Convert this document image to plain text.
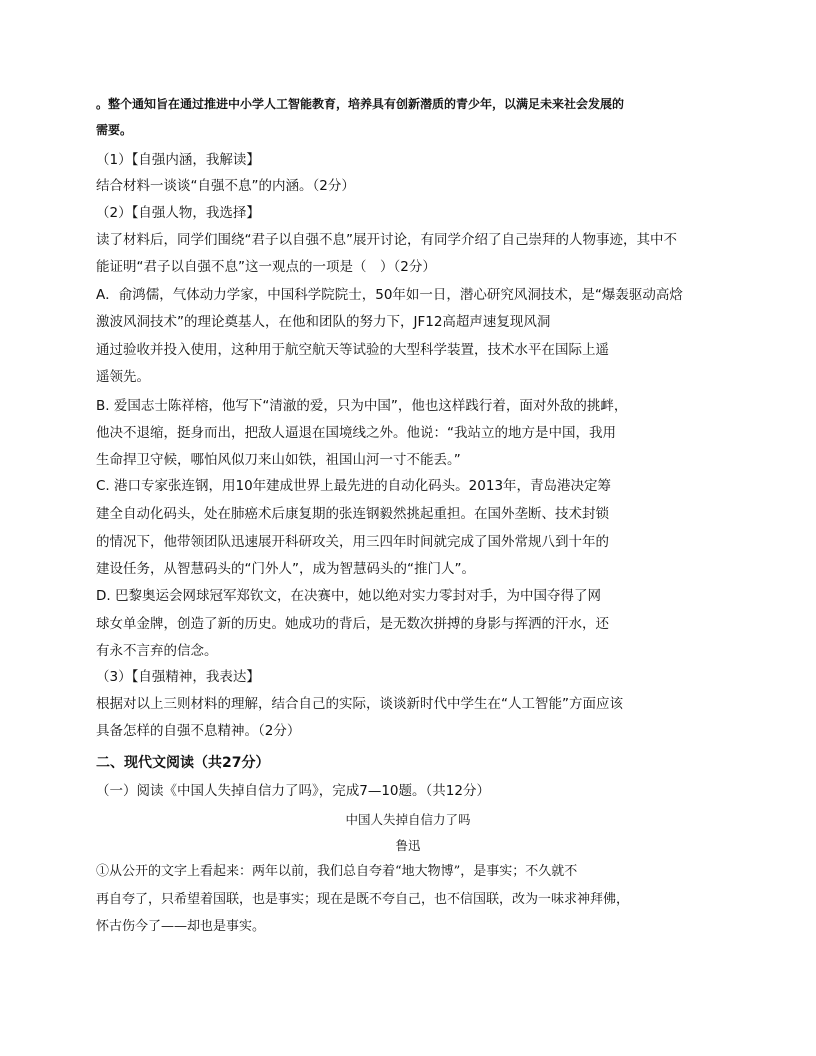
。整个通知旨在通过推进中小学人工智能教育，培养具有创新潜质的青少年，以满足未来社会发展的
需要。
（1）【自强内涵，我解读】
结合材料一谈谈“自强不息”的内涵。（2分）
（2）【自强人物，我选择】
读了材料后，同学们围绕“君子以自强不息”展开讨论，有同学介绍了自己崇拜的人物事迹，其中不
能证明“君子以自强不息”这一观点的一项是（　）（2分）
A．俞鸿儒，气体动力学家，中国科学院院士，50年如一日，潜心研究风洞技术，是“爆轰驱动高焓
激波风洞技术”的理论奠基人，在他和团队的努力下，JF12高超声速复现风洞
通过验收并投入使用，这种用于航空航天等试验的大型科学装置，技术水平在国际上遥
遥领先。
B. 爱国志士陈祥榕，他写下“清澈的爱，只为中国”，他也这样践行着，面对外敌的挑衅，
他决不退缩，挺身而出，把敌人逼退在国境线之外。他说：“我站立的地方是中国，我用
生命捍卫守候，哪怕风似刀来山如铁，祖国山河一寸不能丢。”
C. 港口专家张连钢，用10年建成世界上最先进的自动化码头。2013年，青岛港决定筹
建全自动化码头，处在肺癌术后康复期的张连钢毅然挑起重担。在国外垄断、技术封锁
的情况下，他带领团队迅速展开科研攻关，用三四年时间就完成了国外常规八到十年的
建设任务，从智慧码头的“门外人”，成为智慧码头的“推门人”。
D. 巴黎奥运会网球冠军郑钦文，在决赛中，她以绝对实力零封对手，为中国夺得了网
球女单金牌，创造了新的历史。她成功的背后，是无数次拼搏的身影与挥洒的汗水，还
有永不言弃的信念。
（3）【自强精神，我表达】
根据对以上三则材料的理解，结合自己的实际，谈谈新时代中学生在“人工智能”方面应该
具备怎样的自强不息精神。（2分）
二、现代文阅读（共27分）
（一）阅读《中国人失掉自信力了吗》，完成7—10题。（共12分）
中国人失掉自信力了吗
鲁迅
①从公开的文字上看起来：两年以前，我们总自夸着“地大物博”，是事实；不久就不
再自夸了，只希望着国联，也是事实；现在是既不夸自己，也不信国联，改为一味求神拜佛，
怀古伤今了——却也是事实。
